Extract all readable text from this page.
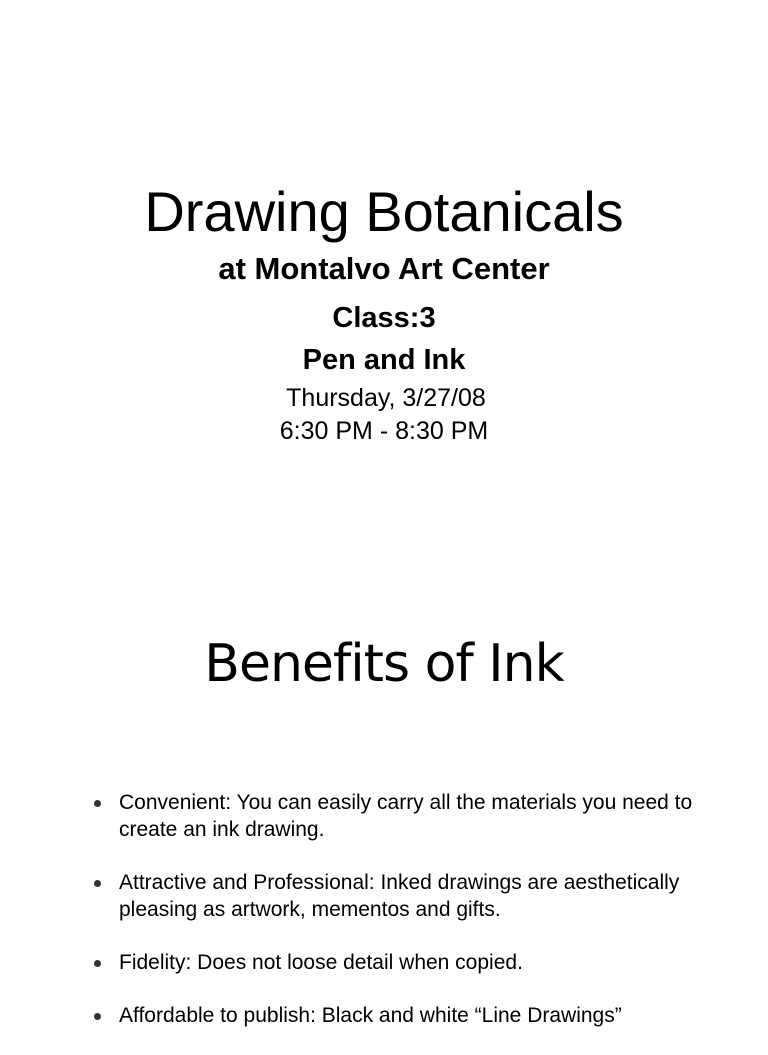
Drawing Botanicals
at Montalvo Art Center
Class:3
Pen and Ink
Thursday, 3/27/08
6:30 PM - 8:30 PM
Benefits of Ink
Convenient: You can easily carry all the materials you need to create an ink drawing.
Attractive and Professional: Inked drawings are aesthetically pleasing as artwork, mementos and gifts.
Fidelity: Does not loose detail when copied.
Affordable to publish: Black and white “Line Drawings”
